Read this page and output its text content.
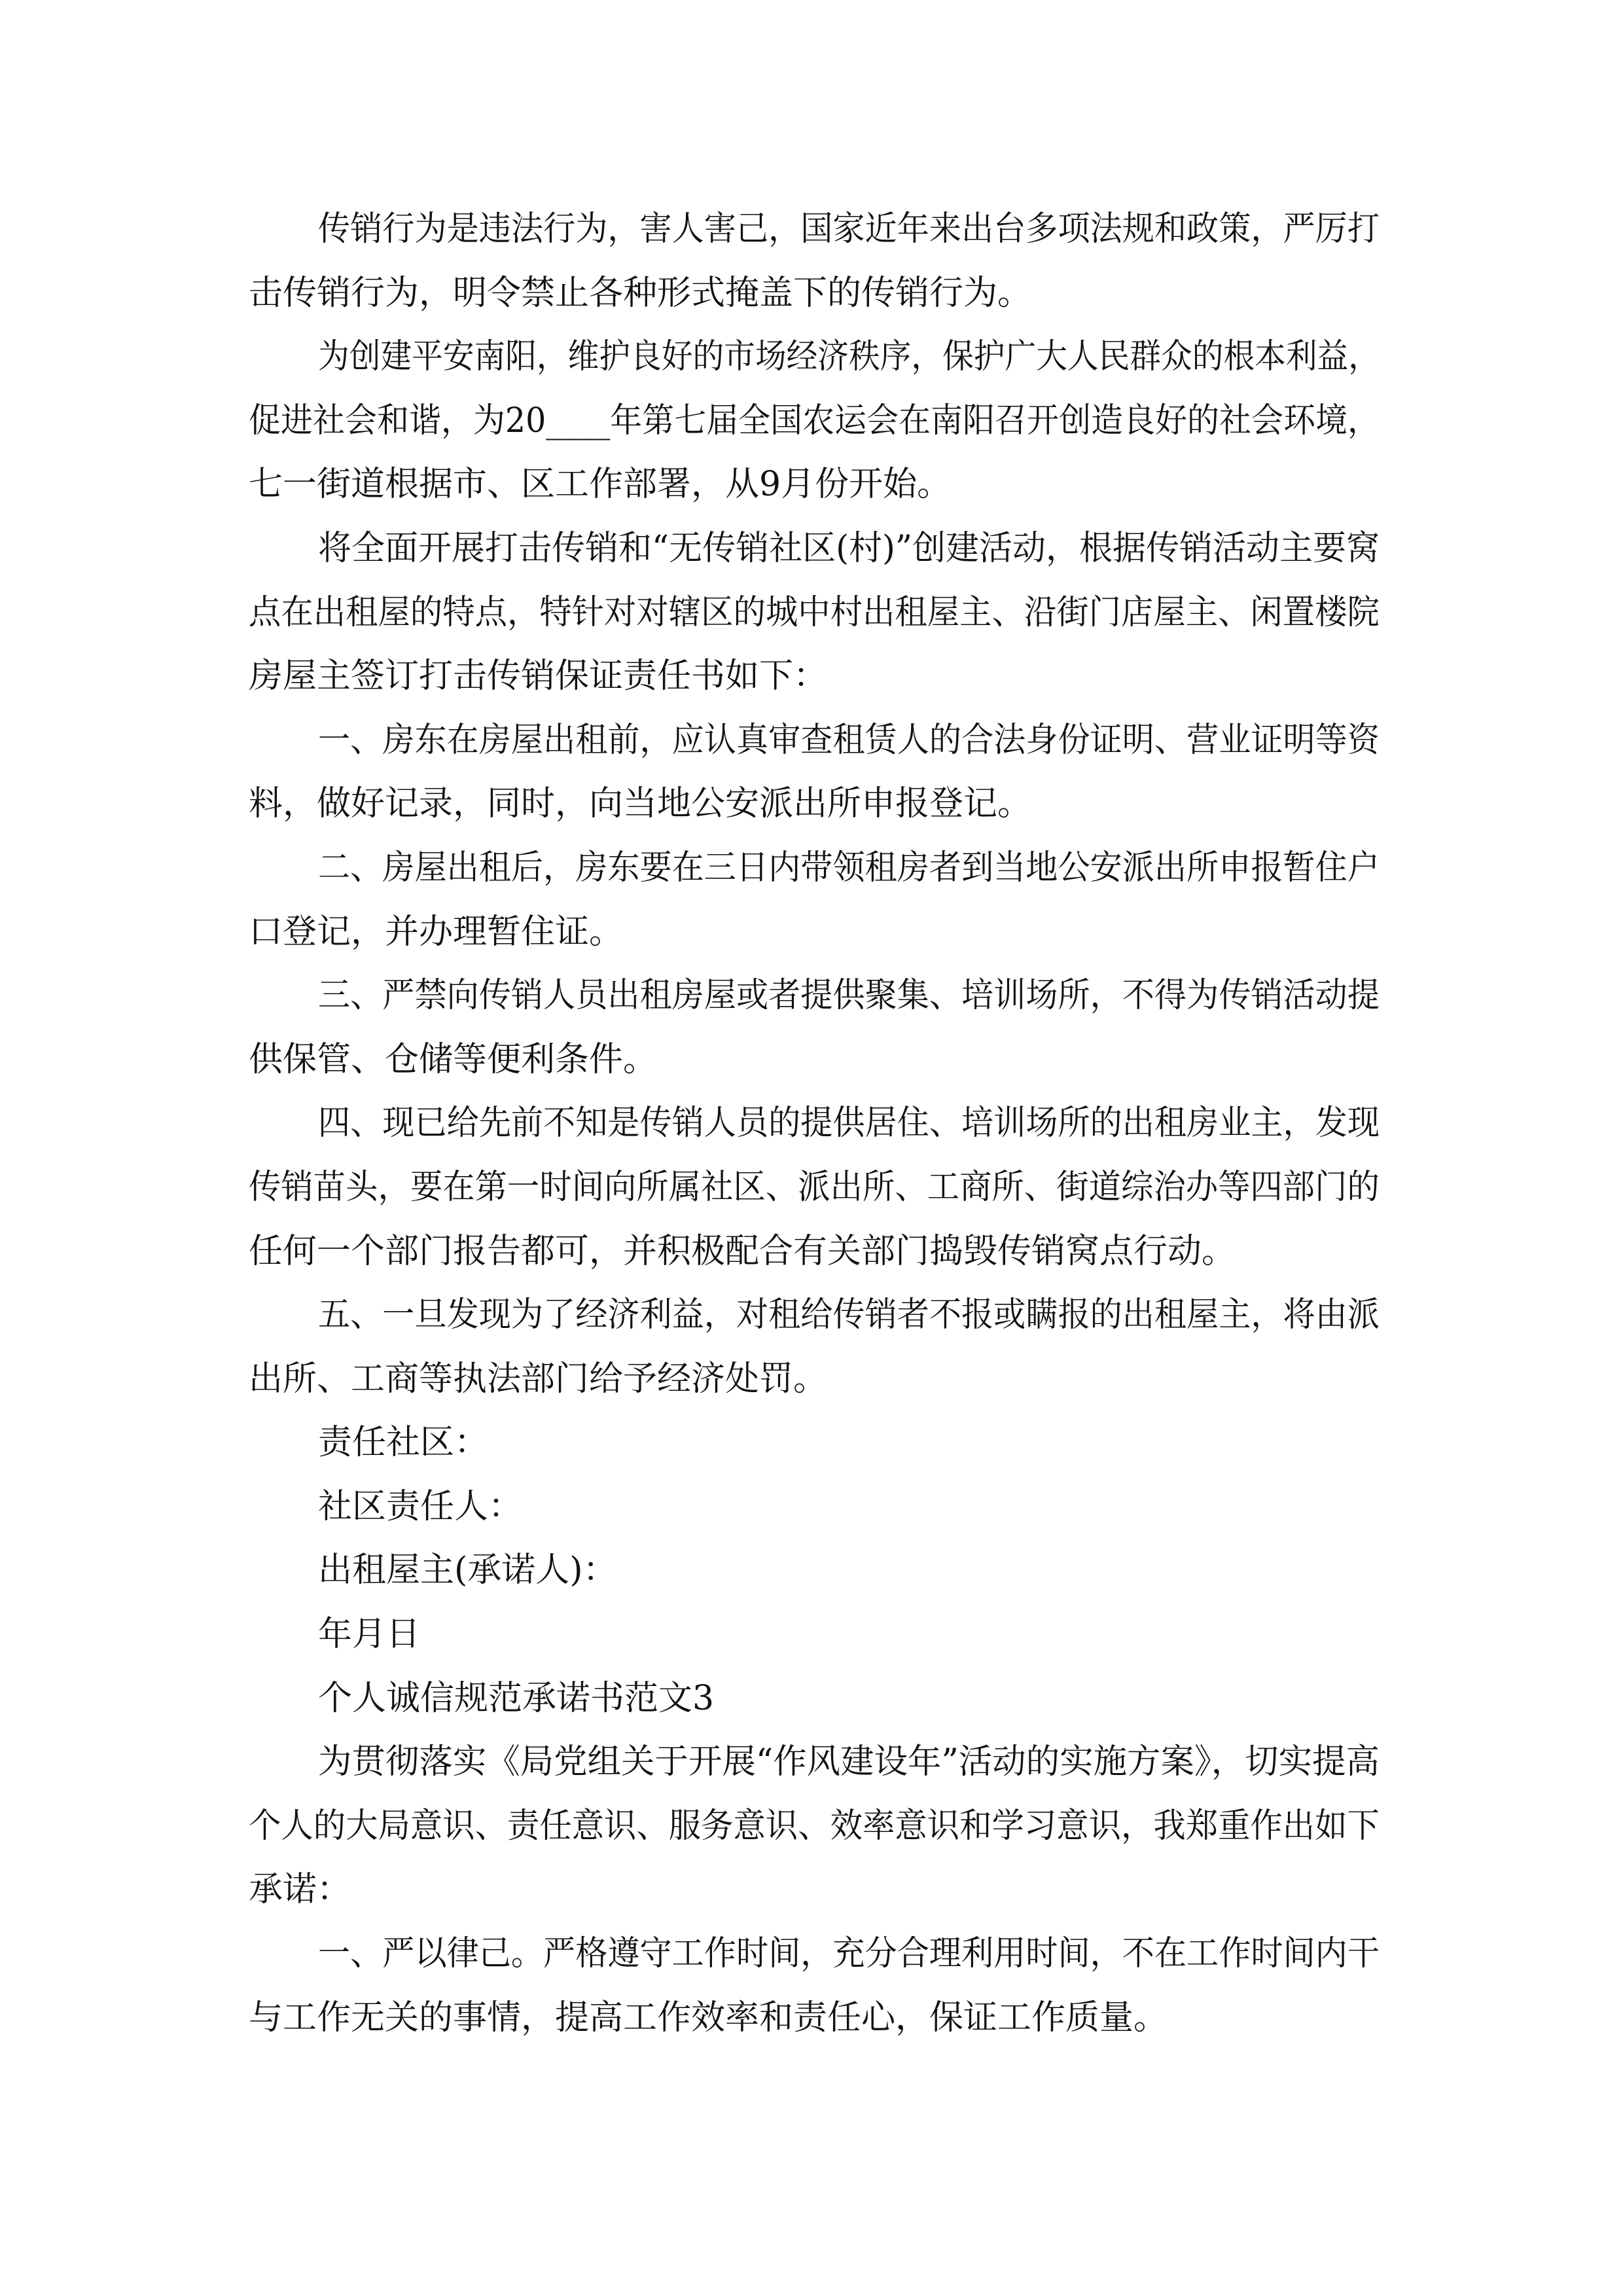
传销行为是违法行为，害人害己，国家近年来出台多项法规和政策，严厉打
击传销行为，明令禁止各种形式掩盖下的传销行为。
为创建平安南阳，维护良好的市场经济秩序，保护广大人民群众的根本利益，
促进社会和谐，为20____年第七届全国农运会在南阳召开创造良好的社会环境，
七一街道根据市、区工作部署，从9月份开始。
将全面开展打击传销和“无传销社区(村)”创建活动，根据传销活动主要窝
点在出租屋的特点，特针对对辖区的城中村出租屋主、沿街门店屋主、闲置楼院
房屋主签订打击传销保证责任书如下：
一、房东在房屋出租前，应认真审查租赁人的合法身份证明、营业证明等资
料，做好记录，同时，向当地公安派出所申报登记。
二、房屋出租后，房东要在三日内带领租房者到当地公安派出所申报暂住户
口登记，并办理暂住证。
三、严禁向传销人员出租房屋或者提供聚集、培训场所，不得为传销活动提
供保管、仓储等便利条件。
四、现已给先前不知是传销人员的提供居住、培训场所的出租房业主，发现
传销苗头，要在第一时间向所属社区、派出所、工商所、街道综治办等四部门的
任何一个部门报告都可，并积极配合有关部门捣毁传销窝点行动。
五、一旦发现为了经济利益，对租给传销者不报或瞒报的出租屋主，将由派
出所、工商等执法部门给予经济处罚。
责任社区：
社区责任人：
出租屋主(承诺人)：
年月日
个人诚信规范承诺书范文3
为贯彻落实《局党组关于开展“作风建设年”活动的实施方案》，切实提高
个人的大局意识、责任意识、服务意识、效率意识和学习意识，我郑重作出如下
承诺：
一、严以律己。严格遵守工作时间，充分合理利用时间，不在工作时间内干
与工作无关的事情，提高工作效率和责任心，保证工作质量。
